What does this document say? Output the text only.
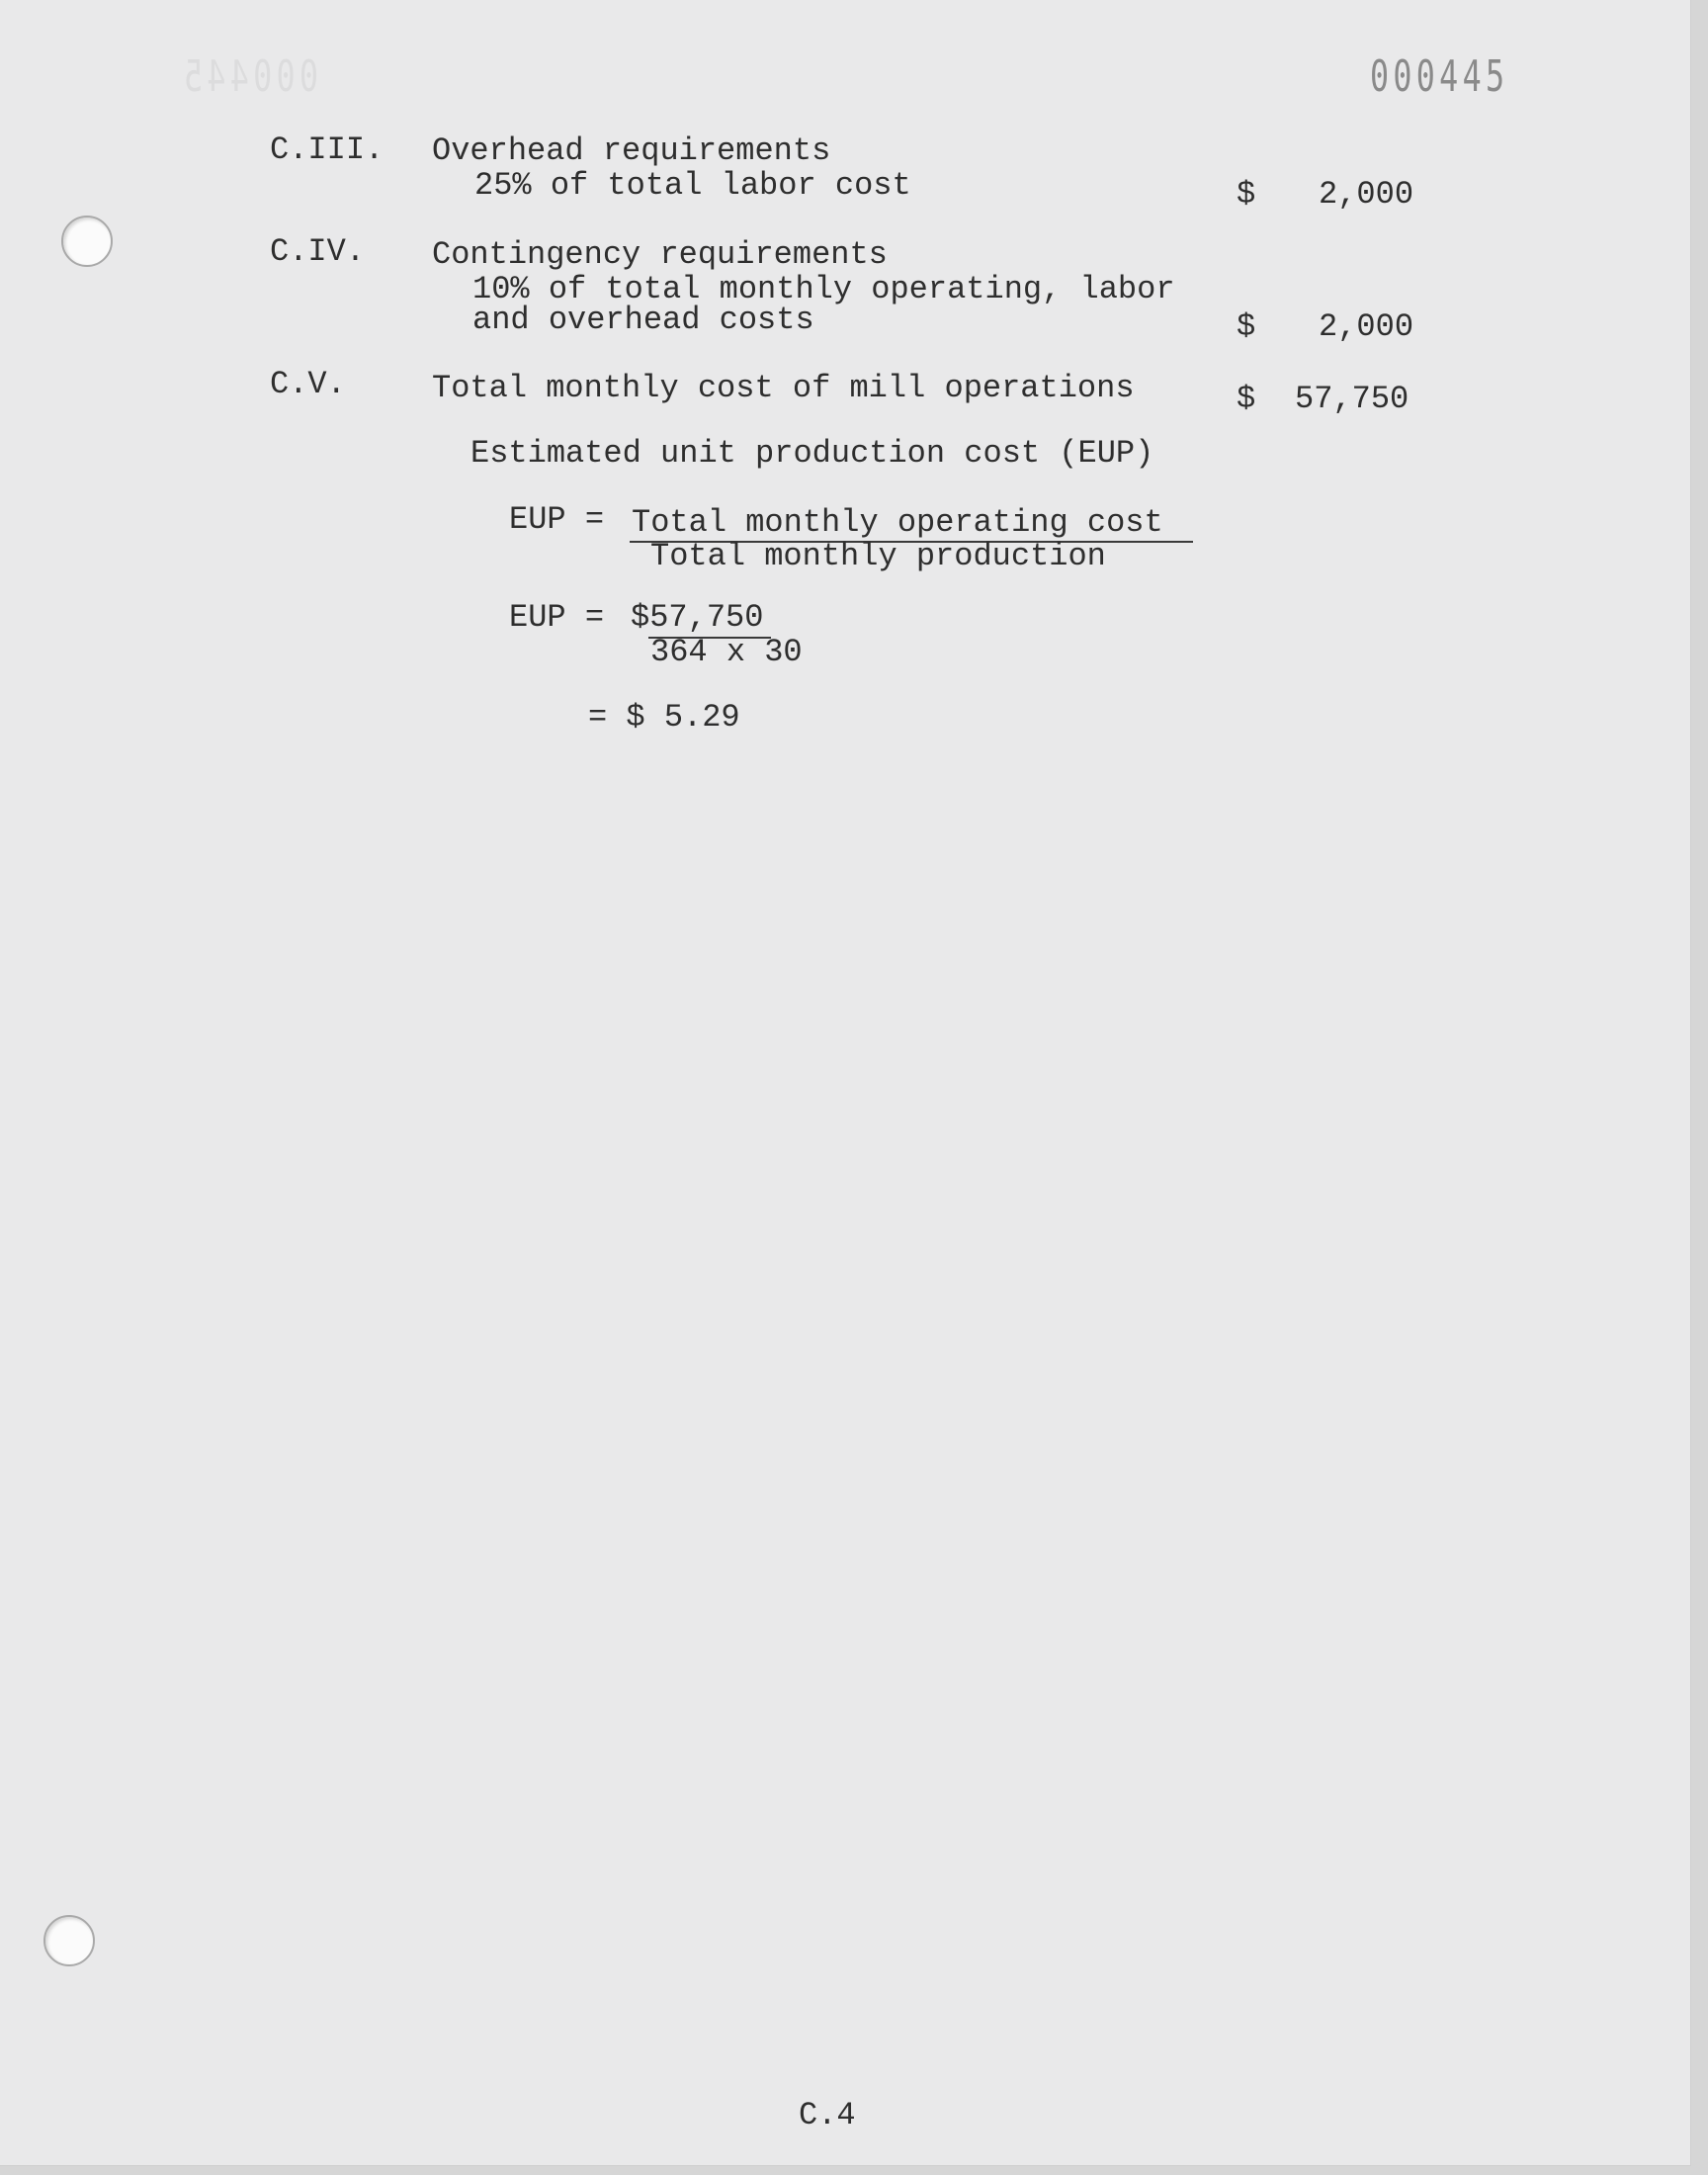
000445	000445
C.III. Overhead requirements
25% of total labor cost	$ 2,000
C.IV. Contingency requirements
10% of total monthly operating, labor
and overhead costs	$ 2,000
C.V.	Total monthly cost of mill operations	$ 57,750
Estimated unit production cost (EUP)
EUP = Total monthly operating cost
Total monthly production
EUP = $57,750
364 x 30
= $ 5.29
C.4
